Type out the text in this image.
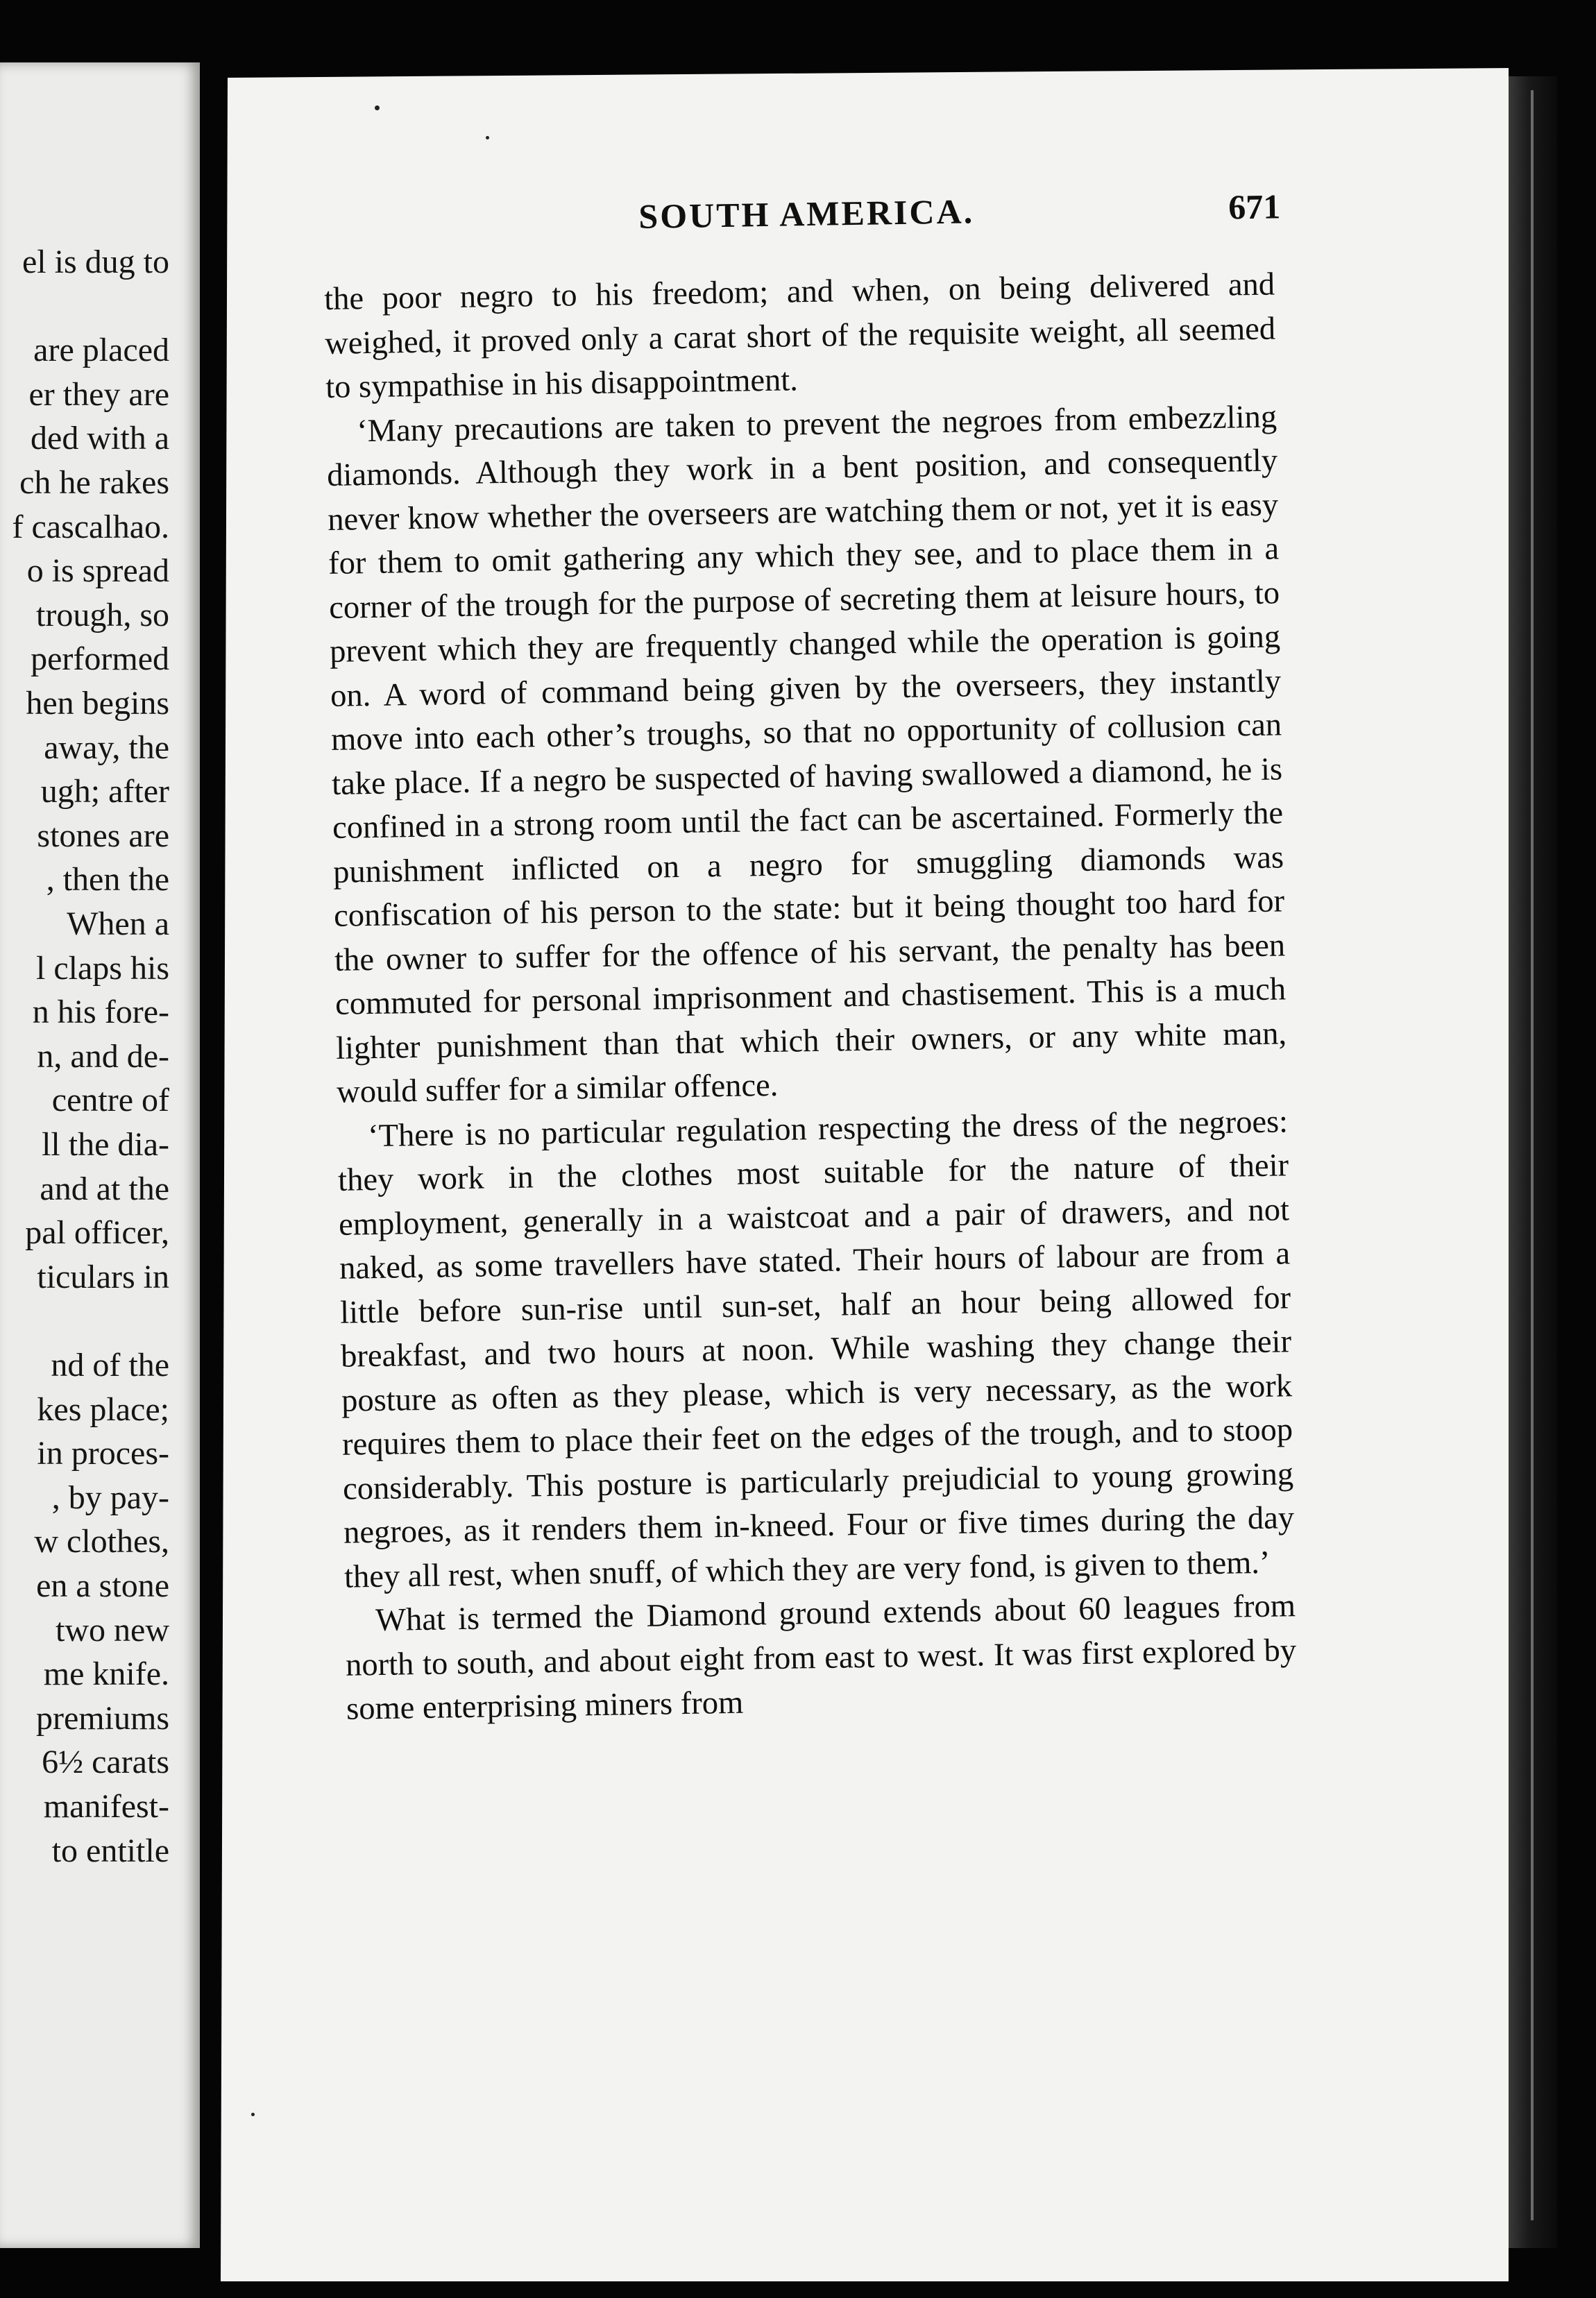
el is dug to
are placed
er they are
ded with a
ch he rakes
f cascalhao.
o is spread
trough, so
performed
hen begins
away, the
ugh; after
stones are
, then the
When a
l claps his
n his fore-
n, and de-
centre of
ll the dia-
and at the
pal officer,
ticulars in
nd of the
kes place;
in proces-
, by pay-
w clothes,
en a stone
two new
me knife.
premiums
6½ carats
manifest-
to entitle
SOUTH AMERICA.	671

the poor negro to his freedom; and when, on being delivered and weighed, it proved only a carat short of the requisite weight, all seemed to sympathise in his disappointment.

‘Many precautions are taken to prevent the negroes from embezzling diamonds. Although they work in a bent position, and consequently never know whether the overseers are watching them or not, yet it is easy for them to omit gathering any which they see, and to place them in a corner of the trough for the purpose of secreting them at leisure hours, to prevent which they are frequently changed while the operation is going on. A word of command being given by the overseers, they instantly move into each other’s troughs, so that no opportunity of collusion can take place. If a negro be suspected of having swallowed a diamond, he is confined in a strong room until the fact can be ascertained. Formerly the punishment inflicted on a negro for smuggling diamonds was confiscation of his person to the state: but it being thought too hard for the owner to suffer for the offence of his servant, the penalty has been commuted for personal imprisonment and chastisement. This is a much lighter punishment than that which their owners, or any white man, would suffer for a similar offence.

‘There is no particular regulation respecting the dress of the negroes: they work in the clothes most suitable for the nature of their employment, generally in a waistcoat and a pair of drawers, and not naked, as some travellers have stated. Their hours of labour are from a little before sun-rise until sun-set, half an hour being allowed for breakfast, and two hours at noon. While washing they change their posture as often as they please, which is very necessary, as the work requires them to place their feet on the edges of the trough, and to stoop considerably. This posture is particularly prejudicial to young growing negroes, as it renders them in-kneed. Four or five times during the day they all rest, when snuff, of which they are very fond, is given to them.’

What is termed the Diamond ground extends about 60 leagues from north to south, and about eight from east to west. It was first explored by some enterprising miners from
